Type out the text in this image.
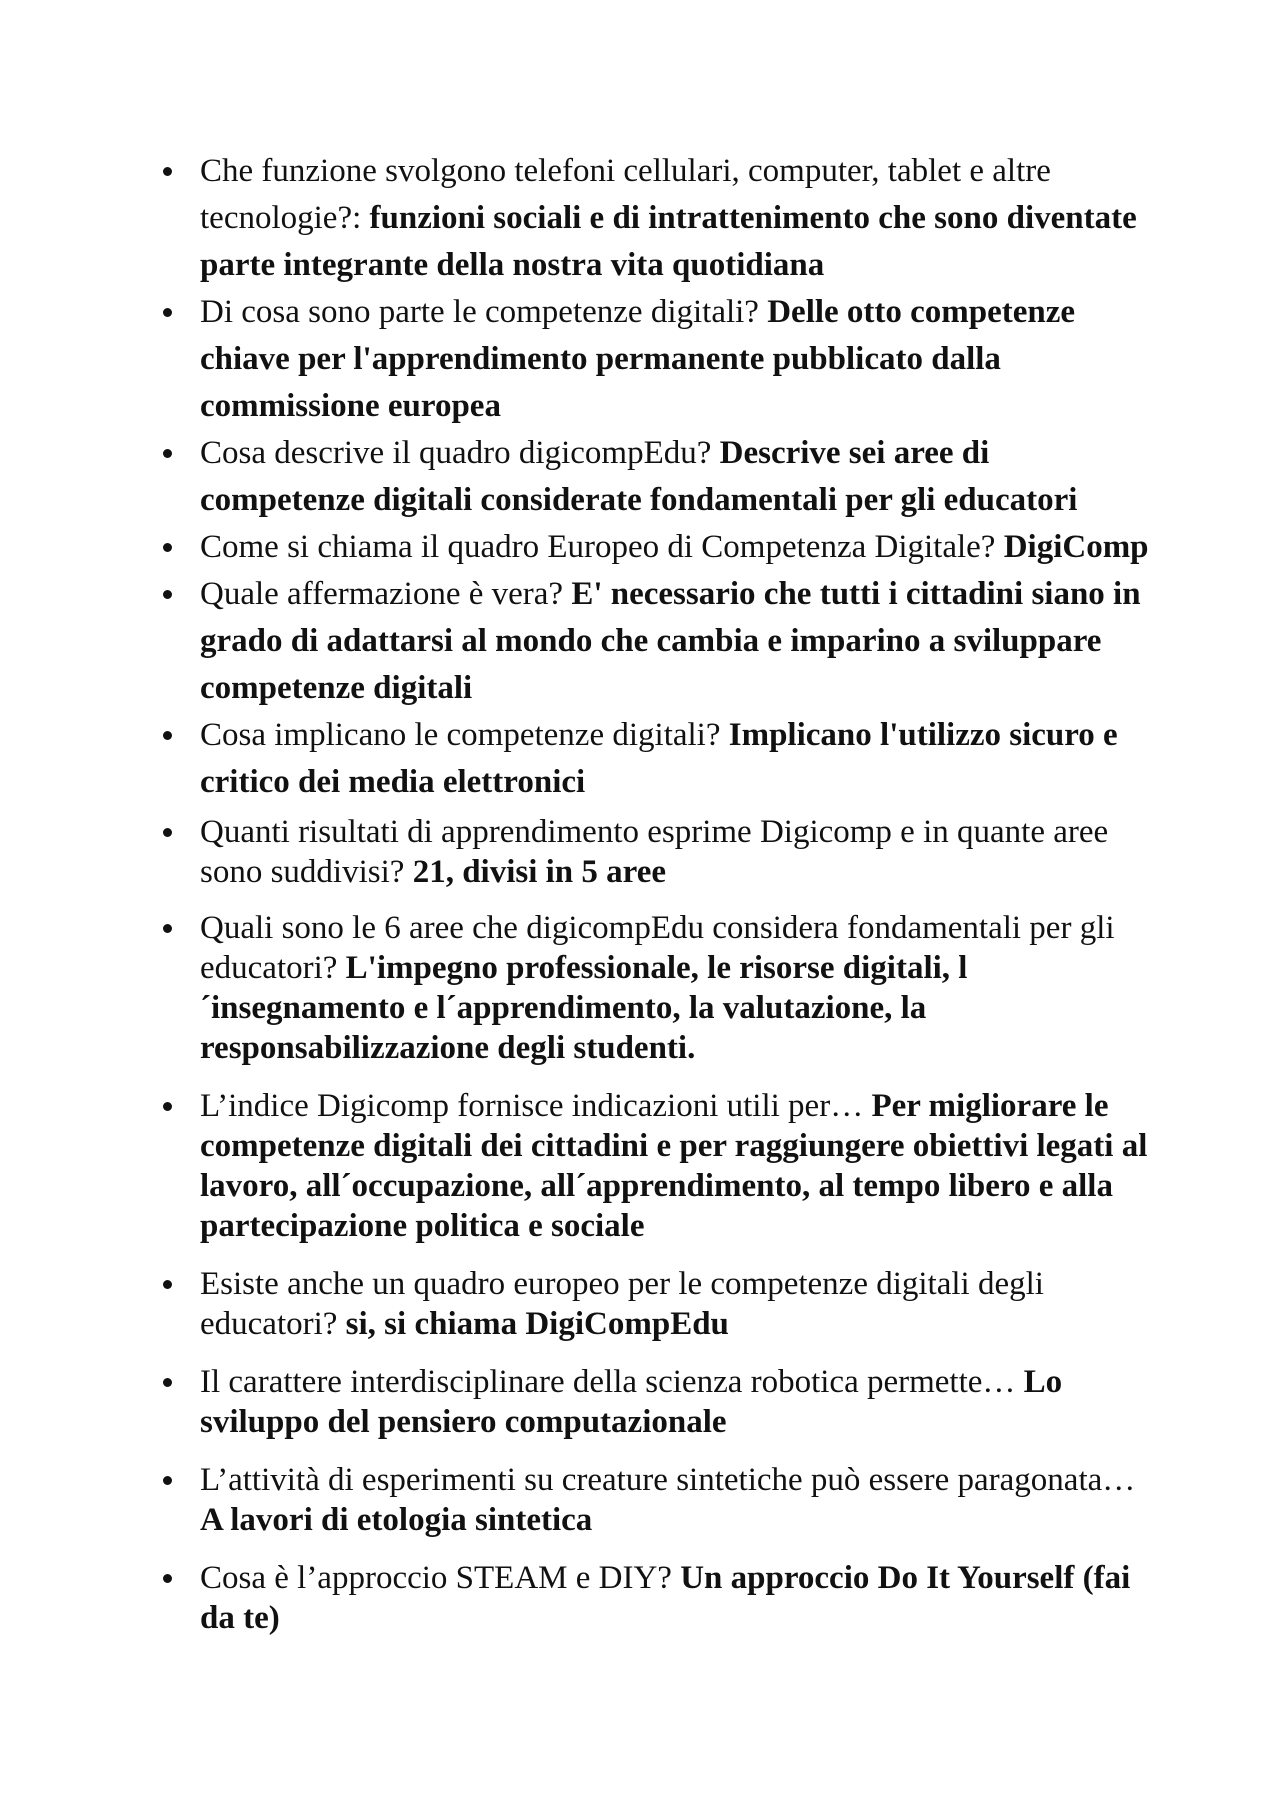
Che funzione svolgono telefoni cellulari, computer, tablet e altre tecnologie?: funzioni sociali e di intrattenimento che sono diventate parte integrante della nostra vita quotidiana
Di cosa sono parte le competenze digitali? Delle otto competenze chiave per l'apprendimento permanente pubblicato dalla commissione europea
Cosa descrive il quadro digicompEdu? Descrive sei aree di competenze digitali considerate fondamentali per gli educatori
Come si chiama il quadro Europeo di Competenza Digitale? DigiComp
Quale affermazione è vera? E' necessario che tutti i cittadini siano in grado di adattarsi al mondo che cambia e imparino a sviluppare competenze digitali
Cosa implicano le competenze digitali? Implicano l'utilizzo sicuro e critico dei media elettronici
Quanti risultati di apprendimento esprime Digicomp e in quante aree sono suddivisi? 21, divisi in 5 aree
Quali sono le 6 aree che digicompEdu considera fondamentali per gli educatori? L'impegno professionale, le risorse digitali, l´insegnamento e l´apprendimento, la valutazione, la responsabilizzazione degli studenti.
L’indice Digicomp fornisce indicazioni utili per… Per migliorare le competenze digitali dei cittadini e per raggiungere obiettivi legati al lavoro, all´occupazione, all´apprendimento, al tempo libero e alla partecipazione politica e sociale
Esiste anche un quadro europeo per le competenze digitali degli educatori? si, si chiama DigiCompEdu
Il carattere interdisciplinare della scienza robotica permette… Lo sviluppo del pensiero computazionale
L’attività di esperimenti su creature sintetiche può essere paragonata… A lavori di etologia sintetica
Cosa è l’approccio STEAM e DIY? Un approccio Do It Yourself (fai da te)
